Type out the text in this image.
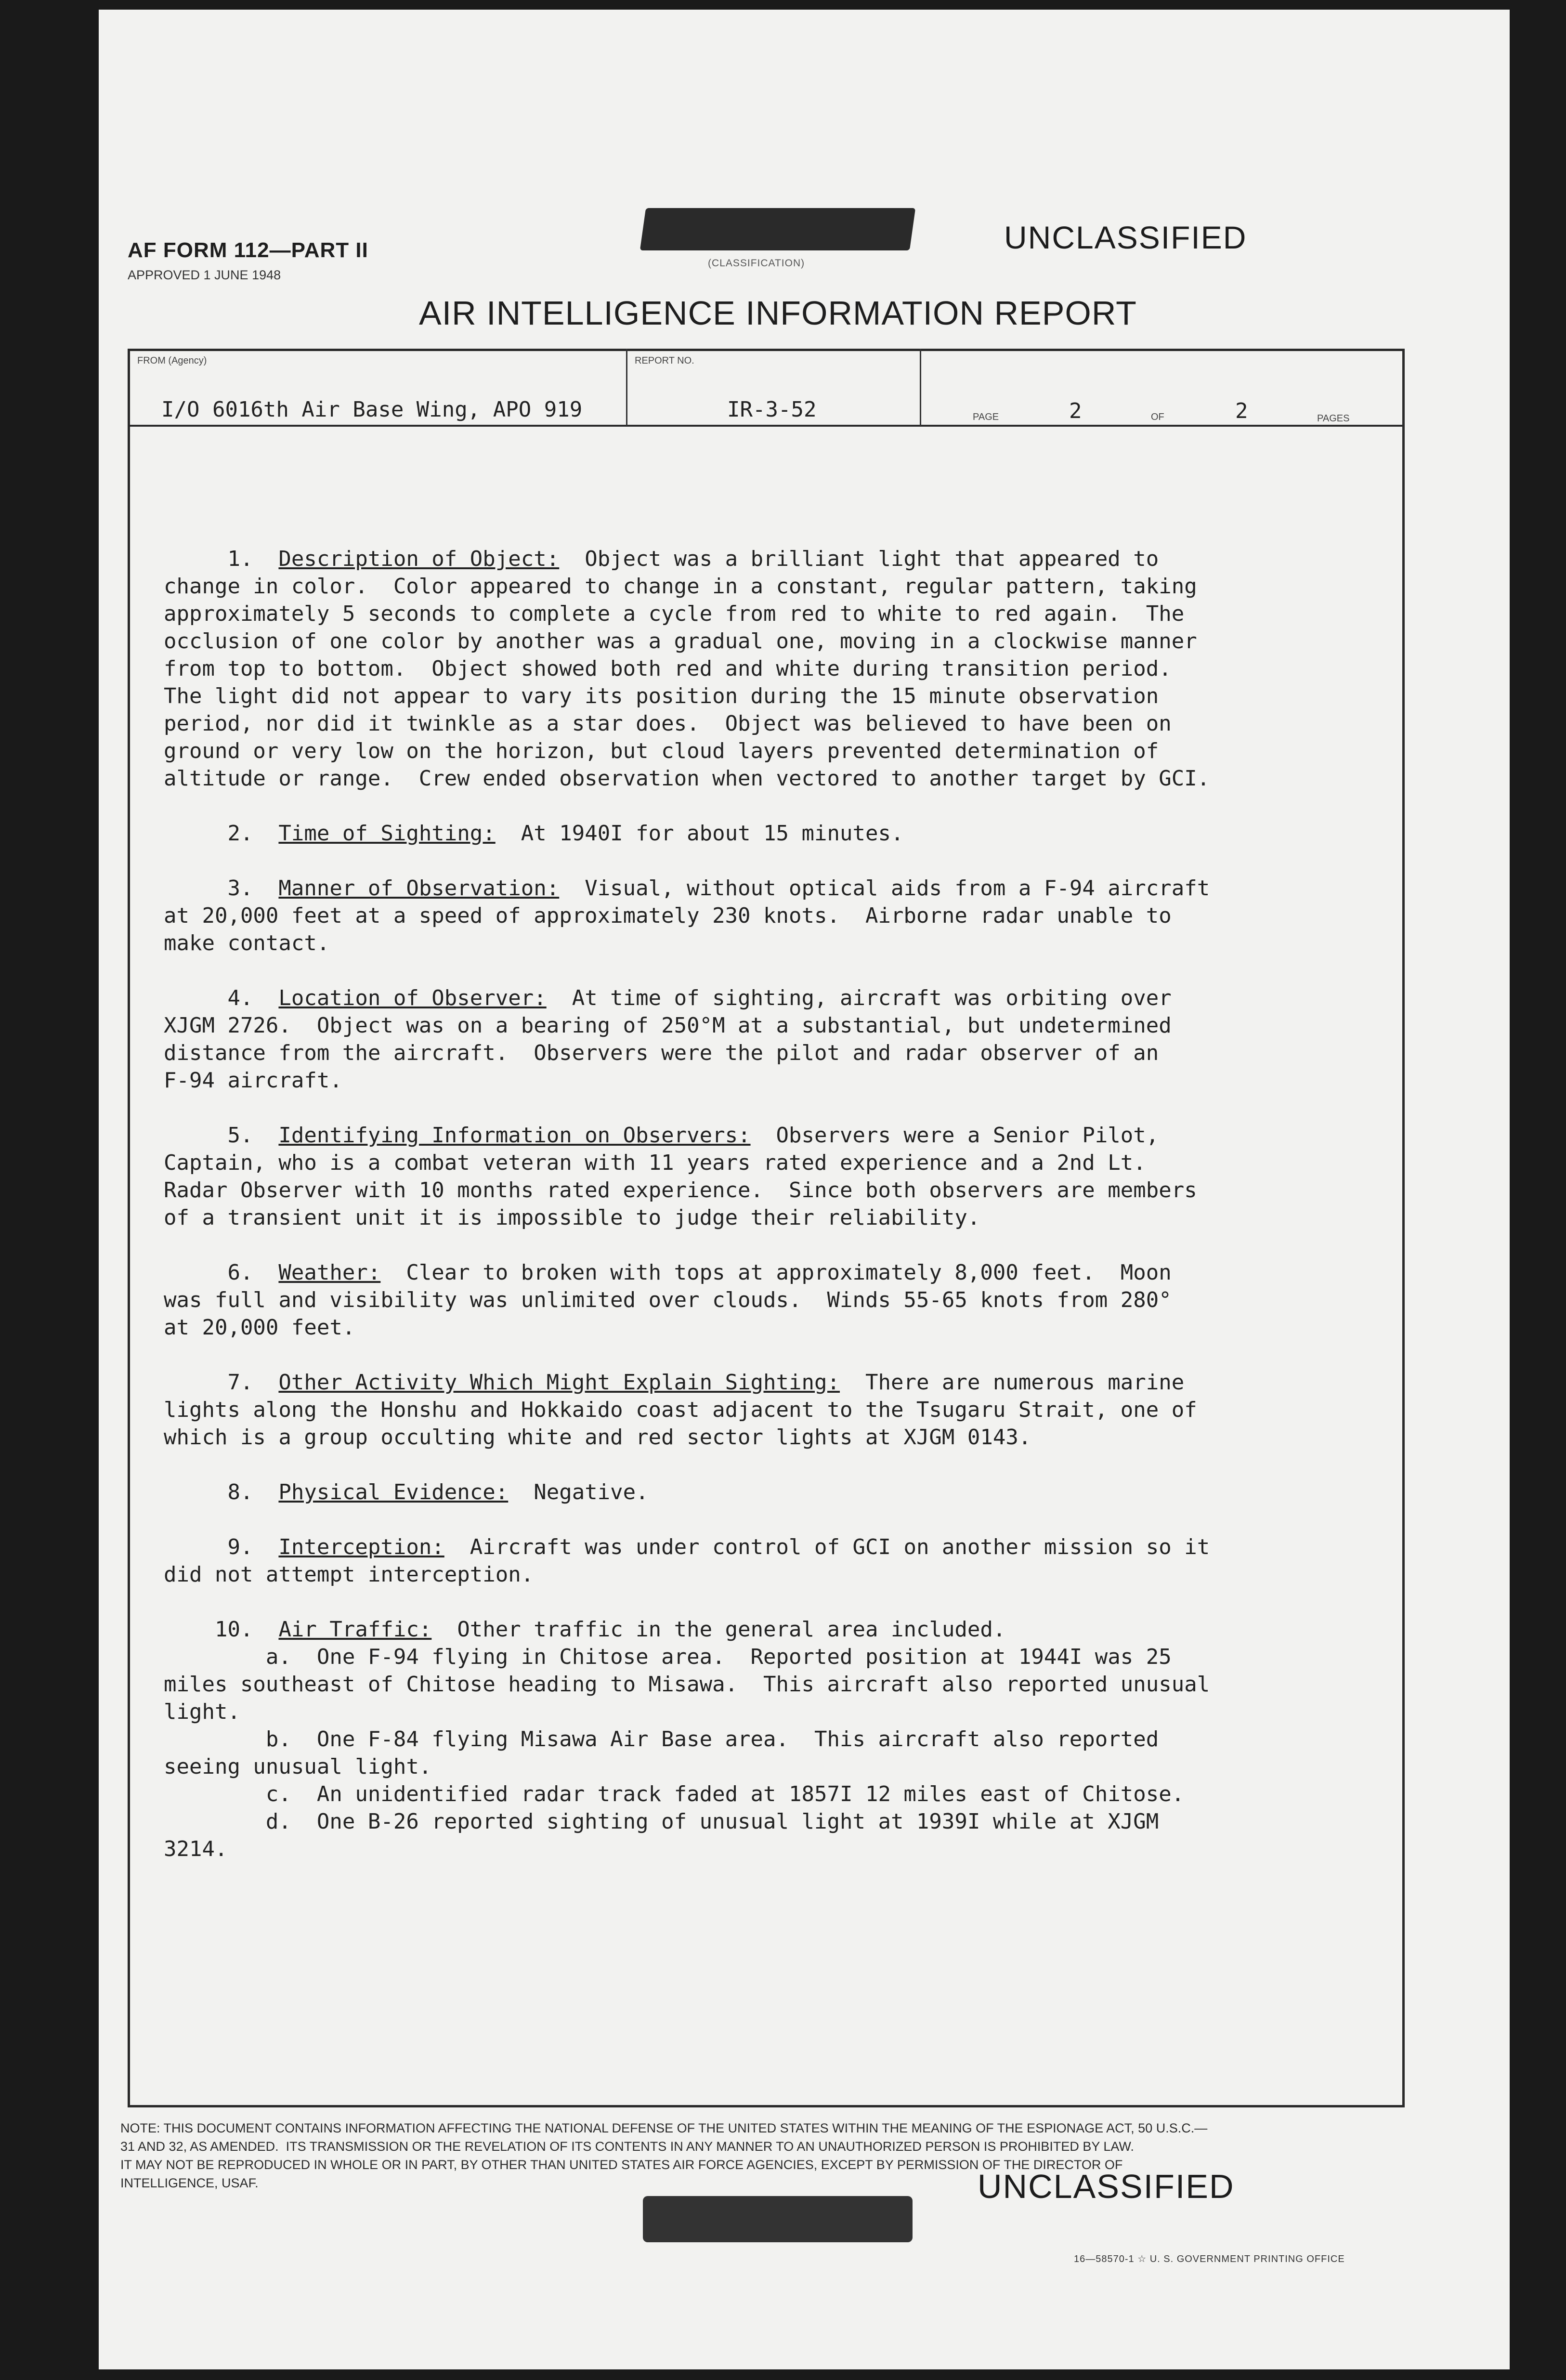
AF FORM 112—PART II
APPROVED 1 JUNE 1948
(CLASSIFICATION)
UNCLASSIFIED
AIR INTELLIGENCE INFORMATION REPORT
FROM (Agency)
I/O 6016th Air Base Wing, APO 919
REPORT NO.
IR-3-52	PAGE	2	OF	2	PAGES

1. Description of Object: Object was a brilliant light that appeared to
change in color.  Color appeared to change in a constant, regular pattern, taking
approximately 5 seconds to complete a cycle from red to white to red again.  The
occlusion of one color by another was a gradual one, moving in a clockwise manner
from top to bottom.  Object showed both red and white during transition period.
The light did not appear to vary its position during the 15 minute observation
period, nor did it twinkle as a star does.  Object was believed to have been on
ground or very low on the horizon, but cloud layers prevented determination of
altitude or range.  Crew ended observation when vectored to another target by GCI.

2. Time of Sighting: At 1940I for about 15 minutes.

3. Manner of Observation: Visual, without optical aids from a F-94 aircraft
at 20,000 feet at a speed of approximately 230 knots.  Airborne radar unable to
make contact.

4. Location of Observer: At time of sighting, aircraft was orbiting over
XJGM 2726.  Object was on a bearing of 250°M at a substantial, but undetermined
distance from the aircraft.  Observers were the pilot and radar observer of an
F-94 aircraft.

5. Identifying Information on Observers: Observers were a Senior Pilot,
Captain, who is a combat veteran with 11 years rated experience and a 2nd Lt.
Radar Observer with 10 months rated experience.  Since both observers are members
of a transient unit it is impossible to judge their reliability.

6. Weather: Clear to broken with tops at approximately 8,000 feet.  Moon
was full and visibility was unlimited over clouds.  Winds 55-65 knots from 280°
at 20,000 feet.

7. Other Activity Which Might Explain Sighting: There are numerous marine
lights along the Honshu and Hokkaido coast adjacent to the Tsugaru Strait, one of
which is a group occulting white and red sector lights at XJGM 0143.

8. Physical Evidence: Negative.

9. Interception: Aircraft was under control of GCI on another mission so it
did not attempt interception.

10. Air Traffic: Other traffic in the general area included.
a.  One F-94 flying in Chitose area.  Reported position at 1944I was 25
miles southeast of Chitose heading to Misawa.  This aircraft also reported unusual
light.
b.  One F-84 flying Misawa Air Base area.  This aircraft also reported
seeing unusual light.
c.  An unidentified radar track faded at 1857I 12 miles east of Chitose.
d.  One B-26 reported sighting of unusual light at 1939I while at XJGM
3214.

NOTE: THIS DOCUMENT CONTAINS INFORMATION AFFECTING THE NATIONAL DEFENSE OF THE UNITED STATES WITHIN THE MEANING OF THE ESPIONAGE ACT, 50 U.S.C.—
31 AND 32, AS AMENDED.  ITS TRANSMISSION OR THE REVELATION OF ITS CONTENTS IN ANY MANNER TO AN UNAUTHORIZED PERSON IS PROHIBITED BY LAW.
IT MAY NOT BE REPRODUCED IN WHOLE OR IN PART, BY OTHER THAN UNITED STATES AIR FORCE AGENCIES, EXCEPT BY PERMISSION OF THE DIRECTOR OF
INTELLIGENCE, USAF.	UNCLASSIFIED
16—58570-1 ☆ U. S. GOVERNMENT PRINTING OFFICE
